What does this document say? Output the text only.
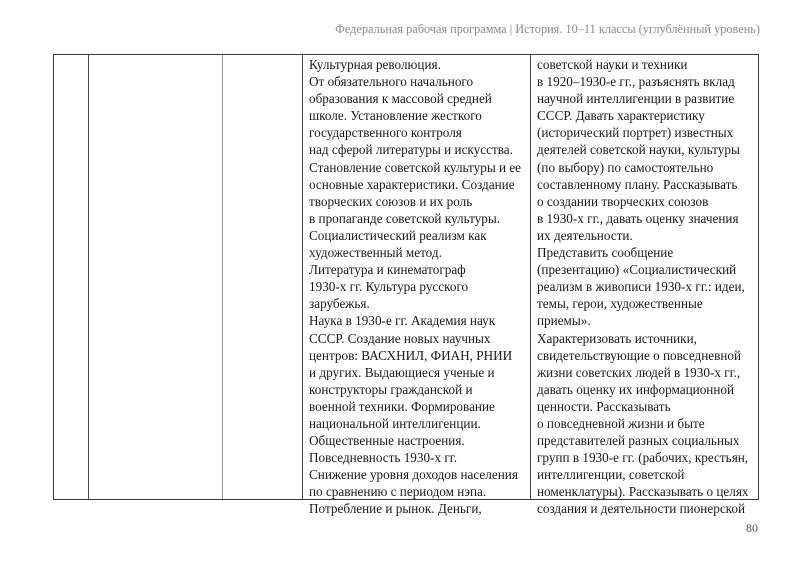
Федеральная рабочая программа | История. 10–11 классы (углублённый уровень)
Культурная революция.
От обязательного начального
образования к массовой средней
школе. Установление жесткого
государственного контроля
над сферой литературы и искусства.
Становление советской культуры и ее
основные характеристики. Создание
творческих союзов и их роль
в пропаганде советской культуры.
Социалистический реализм как
художественный метод.
Литература и кинематограф
1930-х гг. Культура русского
зарубежья.
Наука в 1930-е гг. Академия наук
СССР. Создание новых научных
центров: ВАСХНИЛ, ФИАН, РНИИ
и других. Выдающиеся ученые и
конструкторы гражданской и
военной техники. Формирование
национальной интеллигенции.
Общественные настроения.
Повседневность 1930-х гг.
Снижение уровня доходов населения
по сравнению с периодом нэпа.
Потребление и рынок. Деньги,
советской науки и техники
в 1920–1930-е гг., разъяснять вклад
научной интеллигенции в развитие
СССР. Давать характеристику
(исторический портрет) известных
деятелей советской науки, культуры
(по выбору) по самостоятельно
составленному плану. Рассказывать
о создании творческих союзов
в 1930-х гг., давать оценку значения
их деятельности.
Представить сообщение
(презентацию) «Социалистический
реализм в живописи 1930-х гг.: идеи,
темы, герои, художественные
приемы».
Характеризовать источники,
свидетельствующие о повседневной
жизни советских людей в 1930-х гг.,
давать оценку их информационной
ценности. Рассказывать
о повседневной жизни и быте
представителей разных социальных
групп в 1930-е гг. (рабочих, крестьян,
интеллигенции, советской
номенклатуры). Рассказывать о целях
создания и деятельности пионерской
80
